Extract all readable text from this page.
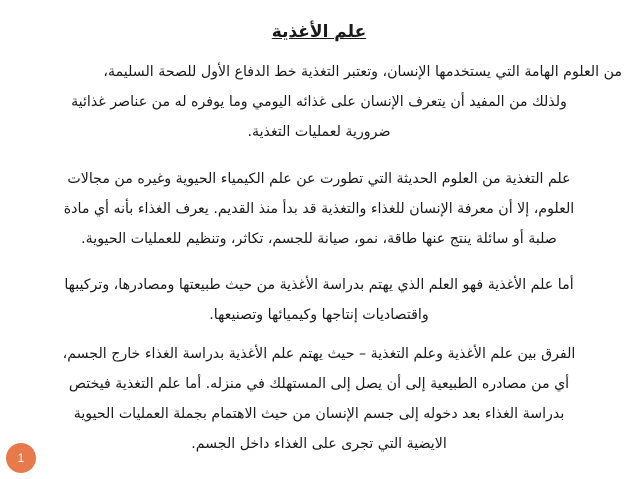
علم الأغذية

من العلوم الهامة التي يستخدمها الإنسان، وتعتبر التغذية خط الدفاع الأول للصحة السليمة،
ولذلك من المفيد أن يتعرف الإنسان على غذائه اليومي وما يوفره له من عناصر غذائية
ضرورية لعمليات التغذية.

علم التغذية من العلوم الحديثة التي تطورت عن علم الكيمياء الحيوية وغيره من مجالات
العلوم، إلا أن معرفة الإنسان للغذاء والتغذية قد بدأ منذ القديم. يعرف الغذاء بأنه أي مادة
صلبة أو سائلة ينتج عنها طاقة، نمو، صيانة للجسم، تكاثر، وتنظيم للعمليات الحيوية.

أما علم الأغذية فهو العلم الذي يهتم بدراسة الأغذية من حيث طبيعتها ومصادرها، وتركيبها
واقتصاديات إنتاجها وكيميائها وتصنيعها.

الفرق بين علم الأغذية وعلم التغذية – حيث يهتم علم الأغذية بدراسة الغذاء خارج الجسم،
أي من مصادره الطبيعية إلى أن يصل إلى المستهلك في منزله. أما علم التغذية فيختص
بدراسة الغذاء بعد دخوله إلى جسم الإنسان من حيث الاهتمام بجملة العمليات الحيوية
الايضية التي تجرى على الغذاء داخل الجسم.

1
